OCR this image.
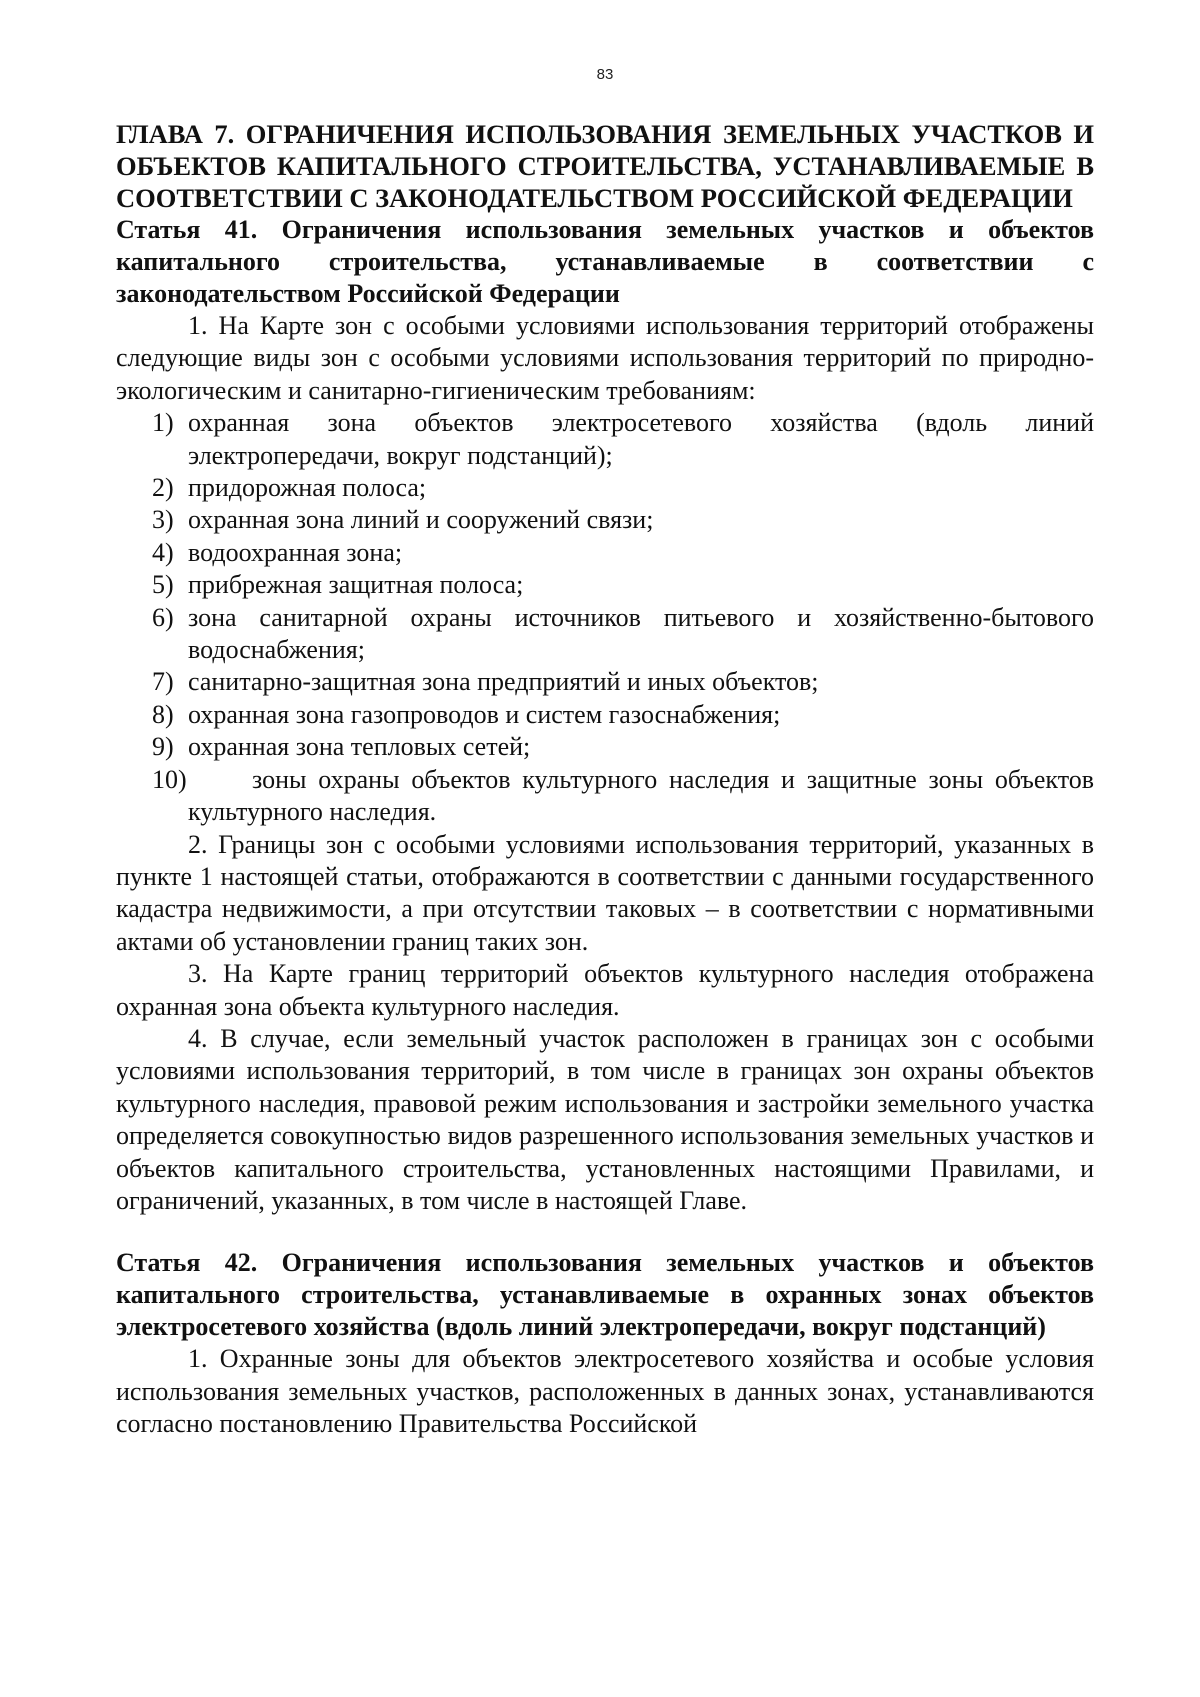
83
ГЛАВА 7. ОГРАНИЧЕНИЯ ИСПОЛЬЗОВАНИЯ ЗЕМЕЛЬНЫХ УЧАСТКОВ И ОБЪЕКТОВ КАПИТАЛЬНОГО СТРОИТЕЛЬСТВА, УСТАНАВЛИВАЕМЫЕ В СООТВЕТСТВИИ С ЗАКОНОДАТЕЛЬСТВОМ РОССИЙСКОЙ ФЕДЕРАЦИИ
Статья 41. Ограничения использования земельных участков и объектов капитального строительства, устанавливаемые в соответствии с законодательством Российской Федерации

1. На Карте зон с особыми условиями использования территорий отображены следующие виды зон с особыми условиями использования территорий по природно-экологическим и санитарно-гигиеническим требованиям:

1) охранная зона объектов электросетевого хозяйства (вдоль линий электропередачи, вокруг подстанций);
2) придорожная полоса;
3) охранная зона линий и сооружений связи;
4) водоохранная зона;
5) прибрежная защитная полоса;
6) зона санитарной охраны источников питьевого и хозяйственно-бытового водоснабжения;
7) санитарно-защитная зона предприятий и иных объектов;
8) охранная зона газопроводов и систем газоснабжения;
9) охранная зона тепловых сетей;
10)	зоны охраны объектов культурного наследия и защитные зоны объектов культурного наследия.

2. Границы зон с особыми условиями использования территорий, указанных в пункте 1 настоящей статьи, отображаются в соответствии с данными государственного кадастра недвижимости, а при отсутствии таковых – в соответствии с нормативными актами об установлении границ таких зон.

3. На Карте границ территорий объектов культурного наследия отображена охранная зона объекта культурного наследия.

4. В случае, если земельный участок расположен в границах зон с особыми условиями использования территорий, в том числе в границах зон охраны объектов культурного наследия, правовой режим использования и застройки земельного участка определяется совокупностью видов разрешенного использования земельных участков и объектов капитального строительства, установленных настоящими Правилами, и ограничений, указанных, в том числе в настоящей Главе.

Статья 42. Ограничения использования земельных участков и объектов капитального строительства, устанавливаемые в охранных зонах объектов электросетевого хозяйства (вдоль линий электропередачи, вокруг подстанций)

1. Охранные зоны для объектов электросетевого хозяйства и особые условия использования земельных участков, расположенных в данных зонах, устанавливаются согласно постановлению Правительства Российской
